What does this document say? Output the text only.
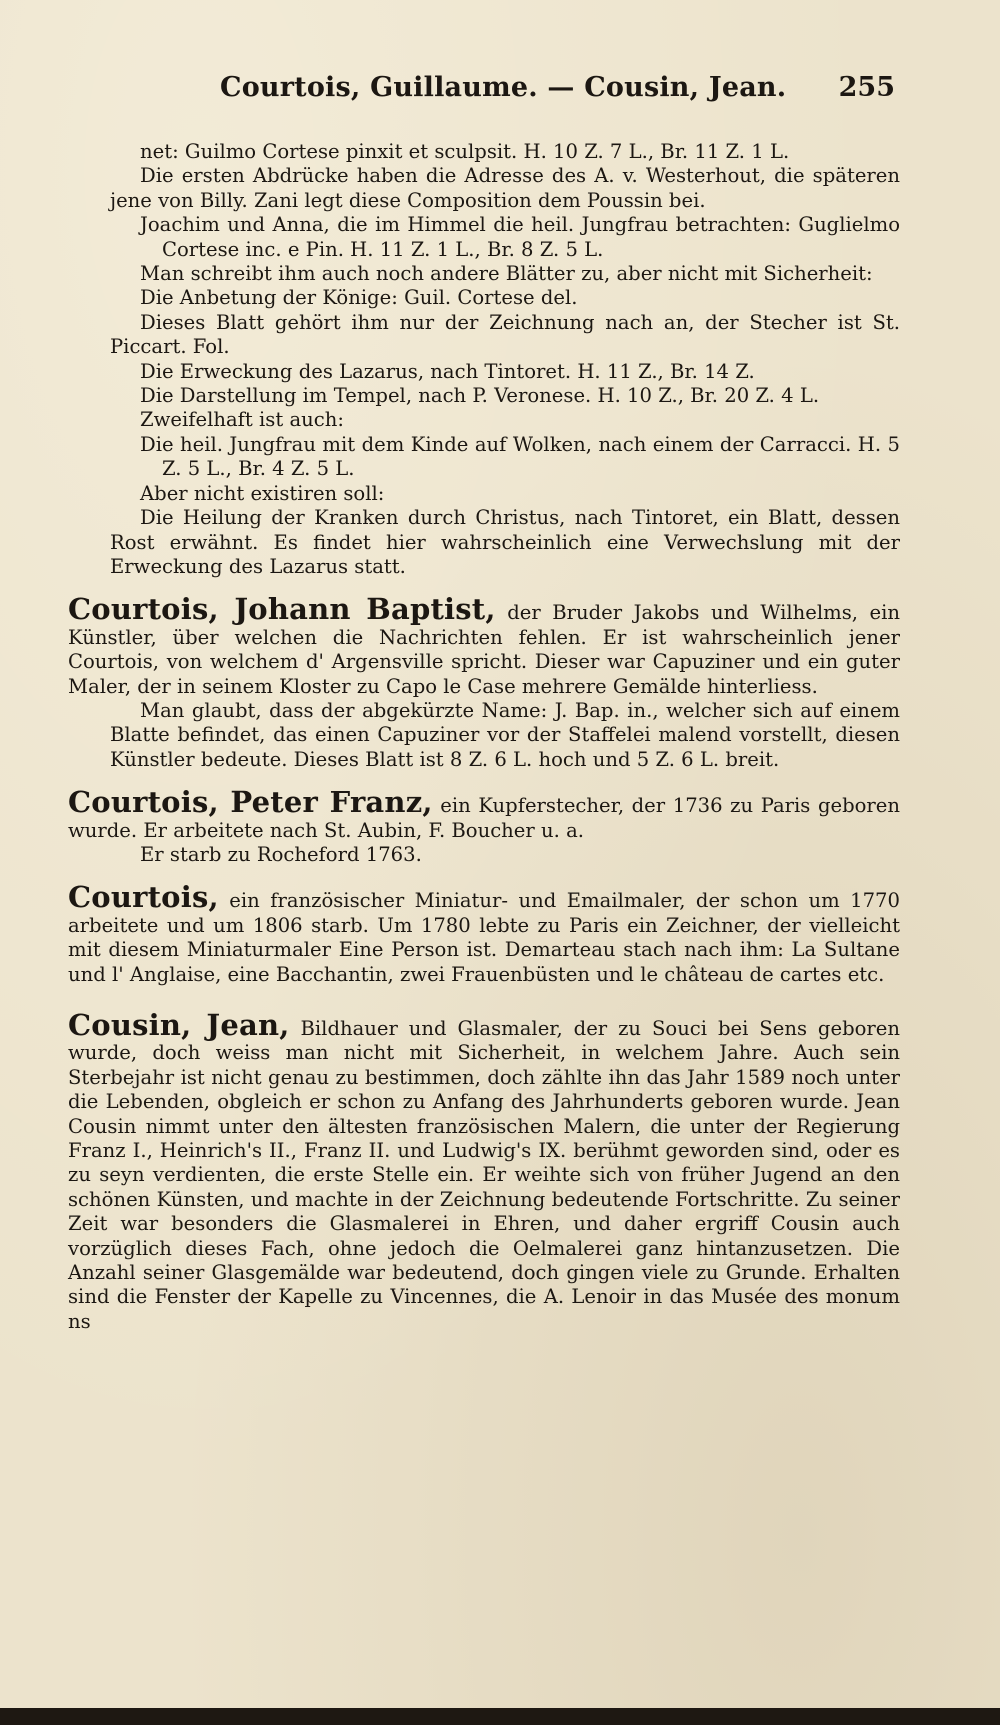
Courtois, Guillaume. — Cousin, Jean. 255

net: Guilmo Cortese pinxit et sculpsit. H. 10 Z. 7 L., Br. 11 Z. 1 L.

Die ersten Abdrücke haben die Adresse des A. v. Westerhout, die späteren jene von Billy. Zani legt diese Composition dem Poussin bei.

Joachim und Anna, die im Himmel die heil. Jungfrau betrachten: Guglielmo Cortese inc. e Pin. H. 11 Z. 1 L., Br. 8 Z. 5 L.

Man schreibt ihm auch noch andere Blätter zu, aber nicht mit Sicherheit:

Die Anbetung der Könige: Guil. Cortese del.

Dieses Blatt gehört ihm nur der Zeichnung nach an, der Stecher ist St. Piccart. Fol.

Die Erweckung des Lazarus, nach Tintoret. H. 11 Z., Br. 14 Z.

Die Darstellung im Tempel, nach P. Veronese. H. 10 Z., Br. 20 Z. 4 L.

Zweifelhaft ist auch:

Die heil. Jungfrau mit dem Kinde auf Wolken, nach einem der Carracci. H. 5 Z. 5 L., Br. 4 Z. 5 L.

Aber nicht existiren soll:

Die Heilung der Kranken durch Christus, nach Tintoret, ein Blatt, dessen Rost erwähnt. Es findet hier wahrscheinlich eine Verwechslung mit der Erweckung des Lazarus statt.

Courtois, Johann Baptist, der Bruder Jakobs und Wilhelms, ein Künstler, über welchen die Nachrichten fehlen. Er ist wahrscheinlich jener Courtois, von welchem d' Argensville spricht. Dieser war Capuziner und ein guter Maler, der in seinem Kloster zu Capo le Case mehrere Gemälde hinterliess.

Man glaubt, dass der abgekürzte Name: J. Bap. in., welcher sich auf einem Blatte befindet, das einen Capuziner vor der Staffelei malend vorstellt, diesen Künstler bedeute. Dieses Blatt ist 8 Z. 6 L. hoch und 5 Z. 6 L. breit.

Courtois, Peter Franz, ein Kupferstecher, der 1736 zu Paris geboren wurde. Er arbeitete nach St. Aubin, F. Boucher u. a.

Er starb zu Rocheford 1763.

Courtois, ein französischer Miniatur- und Emailmaler, der schon um 1770 arbeitete und um 1806 starb. Um 1780 lebte zu Paris ein Zeichner, der vielleicht mit diesem Miniaturmaler Eine Person ist. Demarteau stach nach ihm: La Sultane und l' Anglaise, eine Bacchantin, zwei Frauenbüsten und le château de cartes etc.

Cousin, Jean, Bildhauer und Glasmaler, der zu Souci bei Sens geboren wurde, doch weiss man nicht mit Sicherheit, in welchem Jahre. Auch sein Sterbejahr ist nicht genau zu bestimmen, doch zählte ihn das Jahr 1589 noch unter die Lebenden, obgleich er schon zu Anfang des Jahrhunderts geboren wurde. Jean Cousin nimmt unter den ältesten französischen Malern, die unter der Regierung Franz I., Heinrich's II., Franz II. und Ludwig's IX. berühmt geworden sind, oder es zu seyn verdienten, die erste Stelle ein. Er weihte sich von früher Jugend an den schönen Künsten, und machte in der Zeichnung bedeutende Fortschritte. Zu seiner Zeit war besonders die Glasmalerei in Ehren, und daher ergriff Cousin auch vorzüglich dieses Fach, ohne jedoch die Oelmalerei ganz hintanzusetzen. Die Anzahl seiner Glasgemälde war bedeutend, doch gingen viele zu Grunde. Erhalten sind die Fenster der Kapelle zu Vincennes, die A. Lenoir in das Musée des monum ns
